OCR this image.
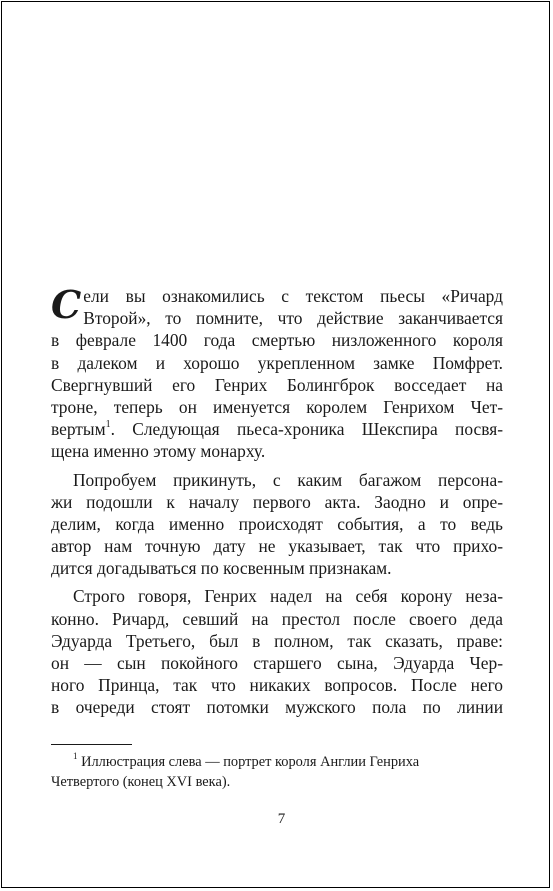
С ели вы ознакомились с текстом пьесы «Ричард
Второй», то помните, что действие заканчивается
в феврале 1400 года смертью низложенного короля
в далеком и хорошо укрепленном замке Помфрет.
Свергнувший его Генрих Болингброк восседает на
троне, теперь он именуется королем Генрихом Чет-
вертым$^1$. Следующая пьеса-хроника Шекспира посвя-
щена именно этому монарху.
Попробуем прикинуть, с каким багажом персона-
жи подошли к началу первого акта. Заодно и опре-
делим, когда именно происходят события, а то ведь
автор нам точную дату не указывает, так что прихо-
дится догадываться по косвенным признакам.
Строго говоря, Генрих надел на себя корону неза-
конно. Ричард, севший на престол после своего деда
Эдуарда Третьего, был в полном, так сказать, праве:
он — сын покойного старшего сына, Эдуарда Чер-
ного Принца, так что никаких вопросов. После него
в очереди стоят потомки мужского пола по линии
$^1$ Иллюстрация слева — портрет короля Англии Генриха
Четвертого (конец XVI века).
7
